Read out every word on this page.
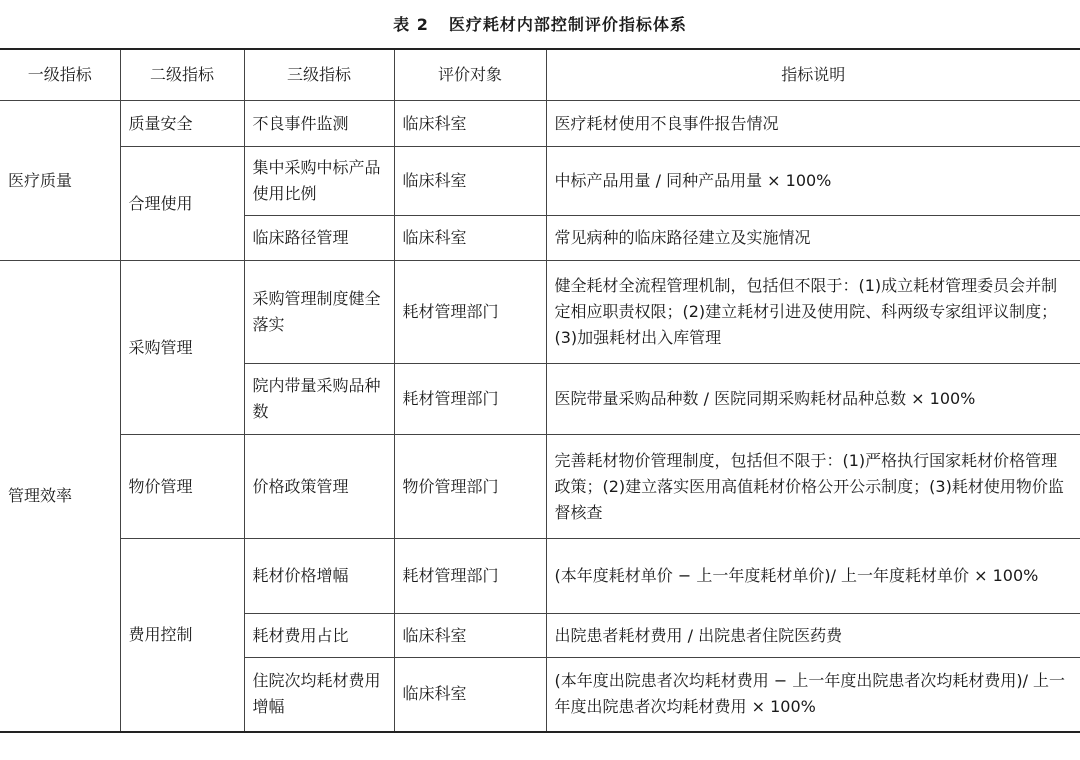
表 2 医疗耗材内部控制评价指标体系
一级指标	二级指标	三级指标	评价对象	指标说明
医疗质量	质量安全	不良事件监测	临床科室	医疗耗材使用不良事件报告情况
	合理使用	集中采购中标产品使用比例	临床科室	中标产品用量 / 同种产品用量 × 100%
		临床路径管理	临床科室	常见病种的临床路径建立及实施情况
管理效率	采购管理	采购管理制度健全落实	耗材管理部门	健全耗材全流程管理机制，包括但不限于：(1)成立耗材管理委员会并制定相应职责权限；(2)建立耗材引进及使用院、科两级专家组评议制度；(3)加强耗材出入库管理
		院内带量采购品种数	耗材管理部门	医院带量采购品种数 / 医院同期采购耗材品种总数 × 100%
	物价管理	价格政策管理	物价管理部门	完善耗材物价管理制度，包括但不限于：(1)严格执行国家耗材价格管理政策；(2)建立落实医用高值耗材价格公开公示制度；(3)耗材使用物价监督核查
	费用控制	耗材价格增幅	耗材管理部门	(本年度耗材单价 − 上一年度耗材单价)/ 上一年度耗材单价 × 100%
		耗材费用占比	临床科室	出院患者耗材费用 / 出院患者住院医药费
		住院次均耗材费用增幅	临床科室	(本年度出院患者次均耗材费用 − 上一年度出院患者次均耗材费用)/ 上一年度出院患者次均耗材费用 × 100%
